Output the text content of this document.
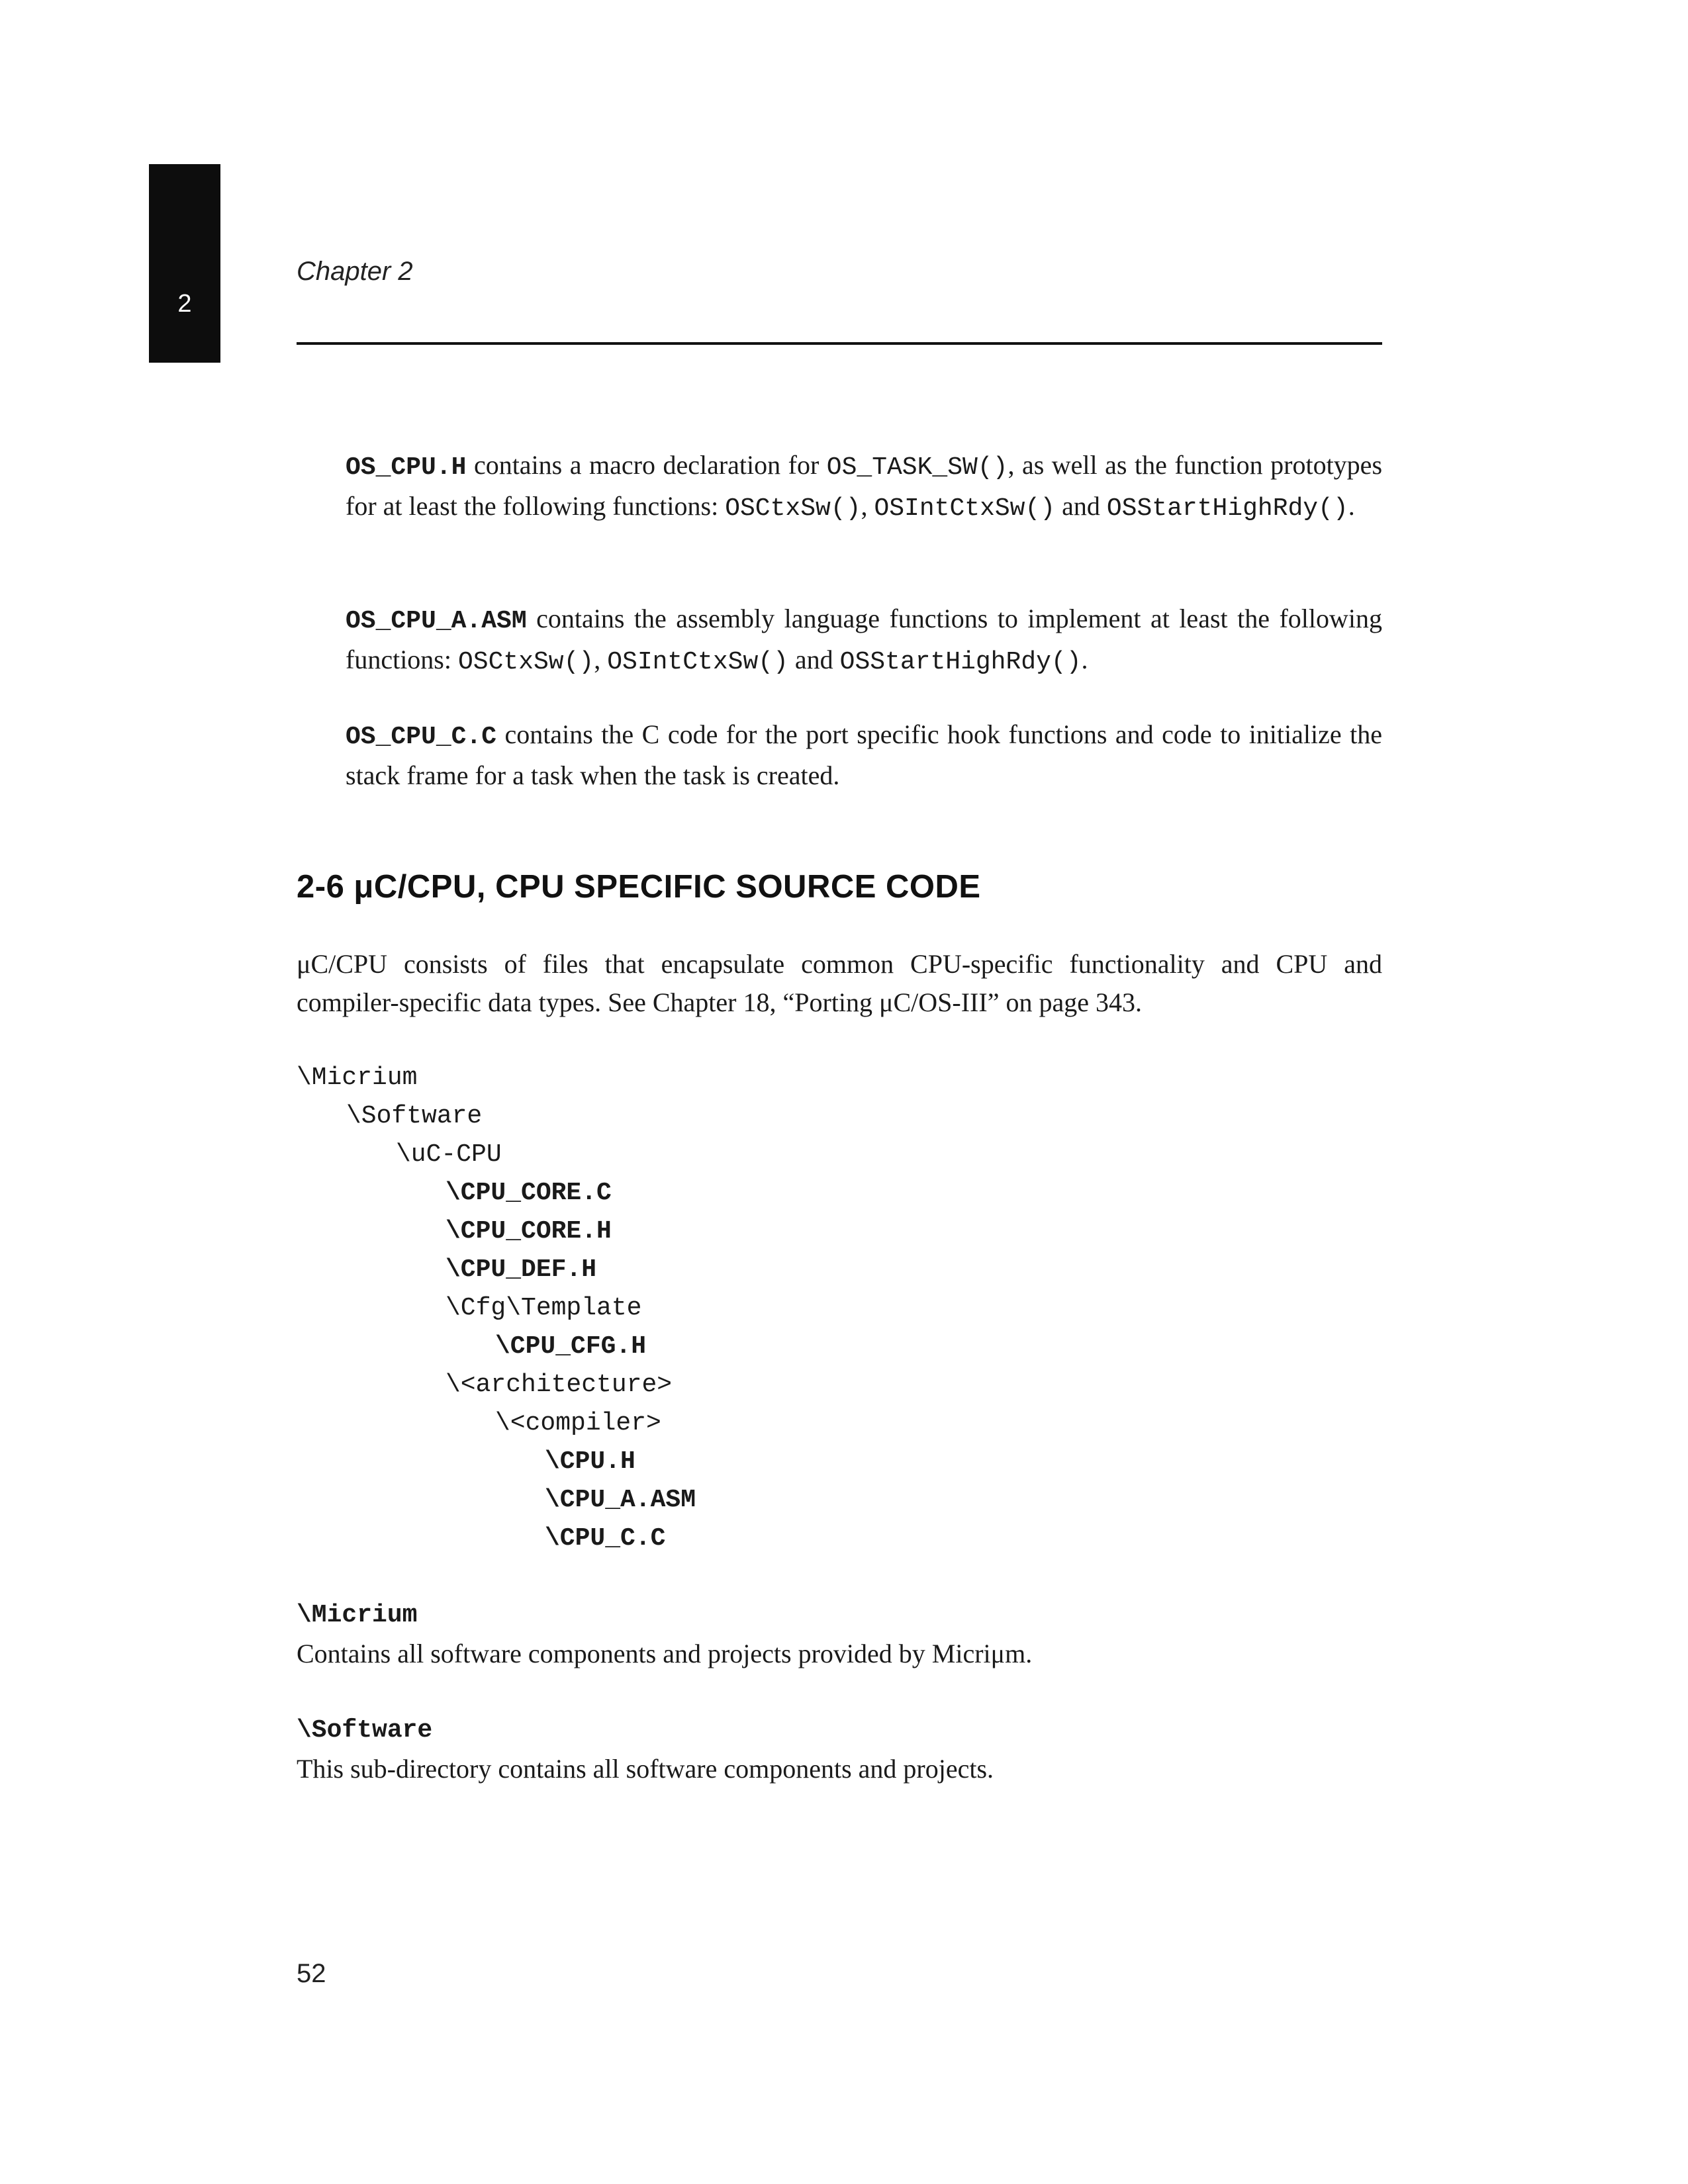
2
Chapter 2

OS_CPU.H contains a macro declaration for OS_TASK_SW(), as well as the function prototypes for at least the following functions: OSCtxSw(), OSIntCtxSw() and OSStartHighRdy().

OS_CPU_A.ASM contains the assembly language functions to implement at least the following functions: OSCtxSw(), OSIntCtxSw() and OSStartHighRdy().

OS_CPU_C.C contains the C code for the port specific hook functions and code to initialize the stack frame for a task when the task is created.

2-6 μC/CPU, CPU SPECIFIC SOURCE CODE

μC/CPU consists of files that encapsulate common CPU-specific functionality and CPU and compiler-specific data types. See Chapter 18, “Porting μC/OS-III” on page 343.

\Micrium
\Software
\uC-CPU
\CPU_CORE.C
\CPU_CORE.H
\CPU_DEF.H
\Cfg\Template
\CPU_CFG.H
\<architecture>
\<compiler>
\CPU.H
\CPU_A.ASM
\CPU_C.C
\Micrium
Contains all software components and projects provided by Micriμm.
\Software
This sub-directory contains all software components and projects.
52
